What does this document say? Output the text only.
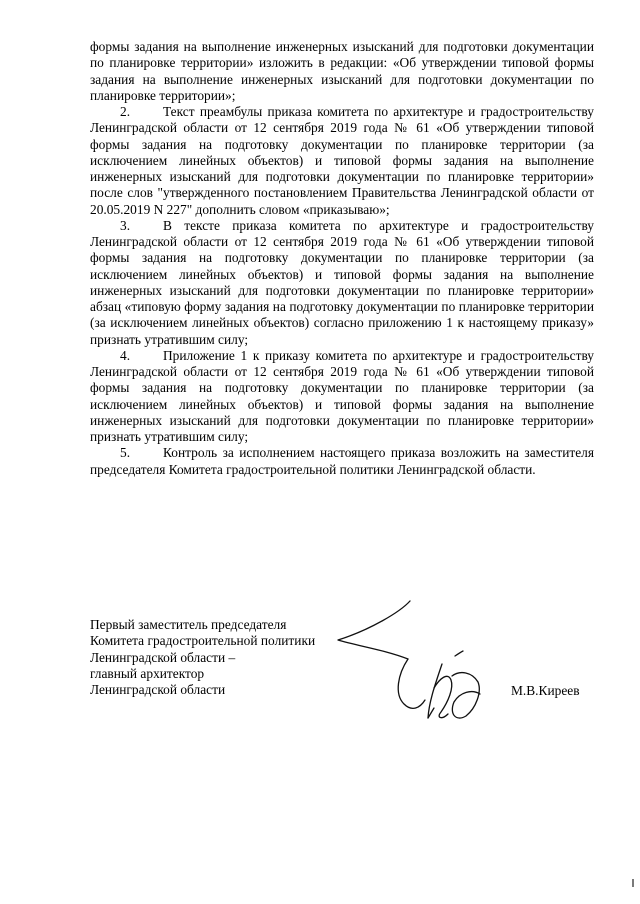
формы задания на выполнение инженерных изысканий для подготовки документации по планировке территории» изложить в редакции: «Об утверждении типовой формы задания на выполнение инженерных изысканий для подготовки документации по планировке территории»;

2. Текст преамбулы приказа комитета по архитектуре и градостроительству Ленинградской области от 12 сентября 2019 года № 61 «Об утверждении типовой формы задания на подготовку документации по планировке территории (за исключением линейных объектов) и типовой формы задания на выполнение инженерных изысканий для подготовки документации по планировке территории» после слов "утвержденного постановлением Правительства Ленинградской области от 20.05.2019 N 227" дополнить словом «приказываю»;

3. В тексте приказа комитета по архитектуре и градостроительству Ленинградской области от 12 сентября 2019 года № 61 «Об утверждении типовой формы задания на подготовку документации по планировке территории (за исключением линейных объектов) и типовой формы задания на выполнение инженерных изысканий для подготовки документации по планировке территории» абзац «типовую форму задания на подготовку документации по планировке территории (за исключением линейных объектов) согласно приложению 1 к настоящему приказу» признать утратившим силу;

4. Приложение 1 к приказу комитета по архитектуре и градостроительству Ленинградской области от 12 сентября 2019 года № 61 «Об утверждении типовой формы задания на подготовку документации по планировке территории (за исключением линейных объектов) и типовой формы задания на выполнение инженерных изысканий для подготовки документации по планировке территории» признать утратившим силу;

5. Контроль за исполнением настоящего приказа возложить на заместителя председателя Комитета градостроительной политики Ленинградской области.

Первый заместитель председателя
Комитета градостроительной политики
Ленинградской области –
главный архитектор
Ленинградской области	М.В.Киреев
